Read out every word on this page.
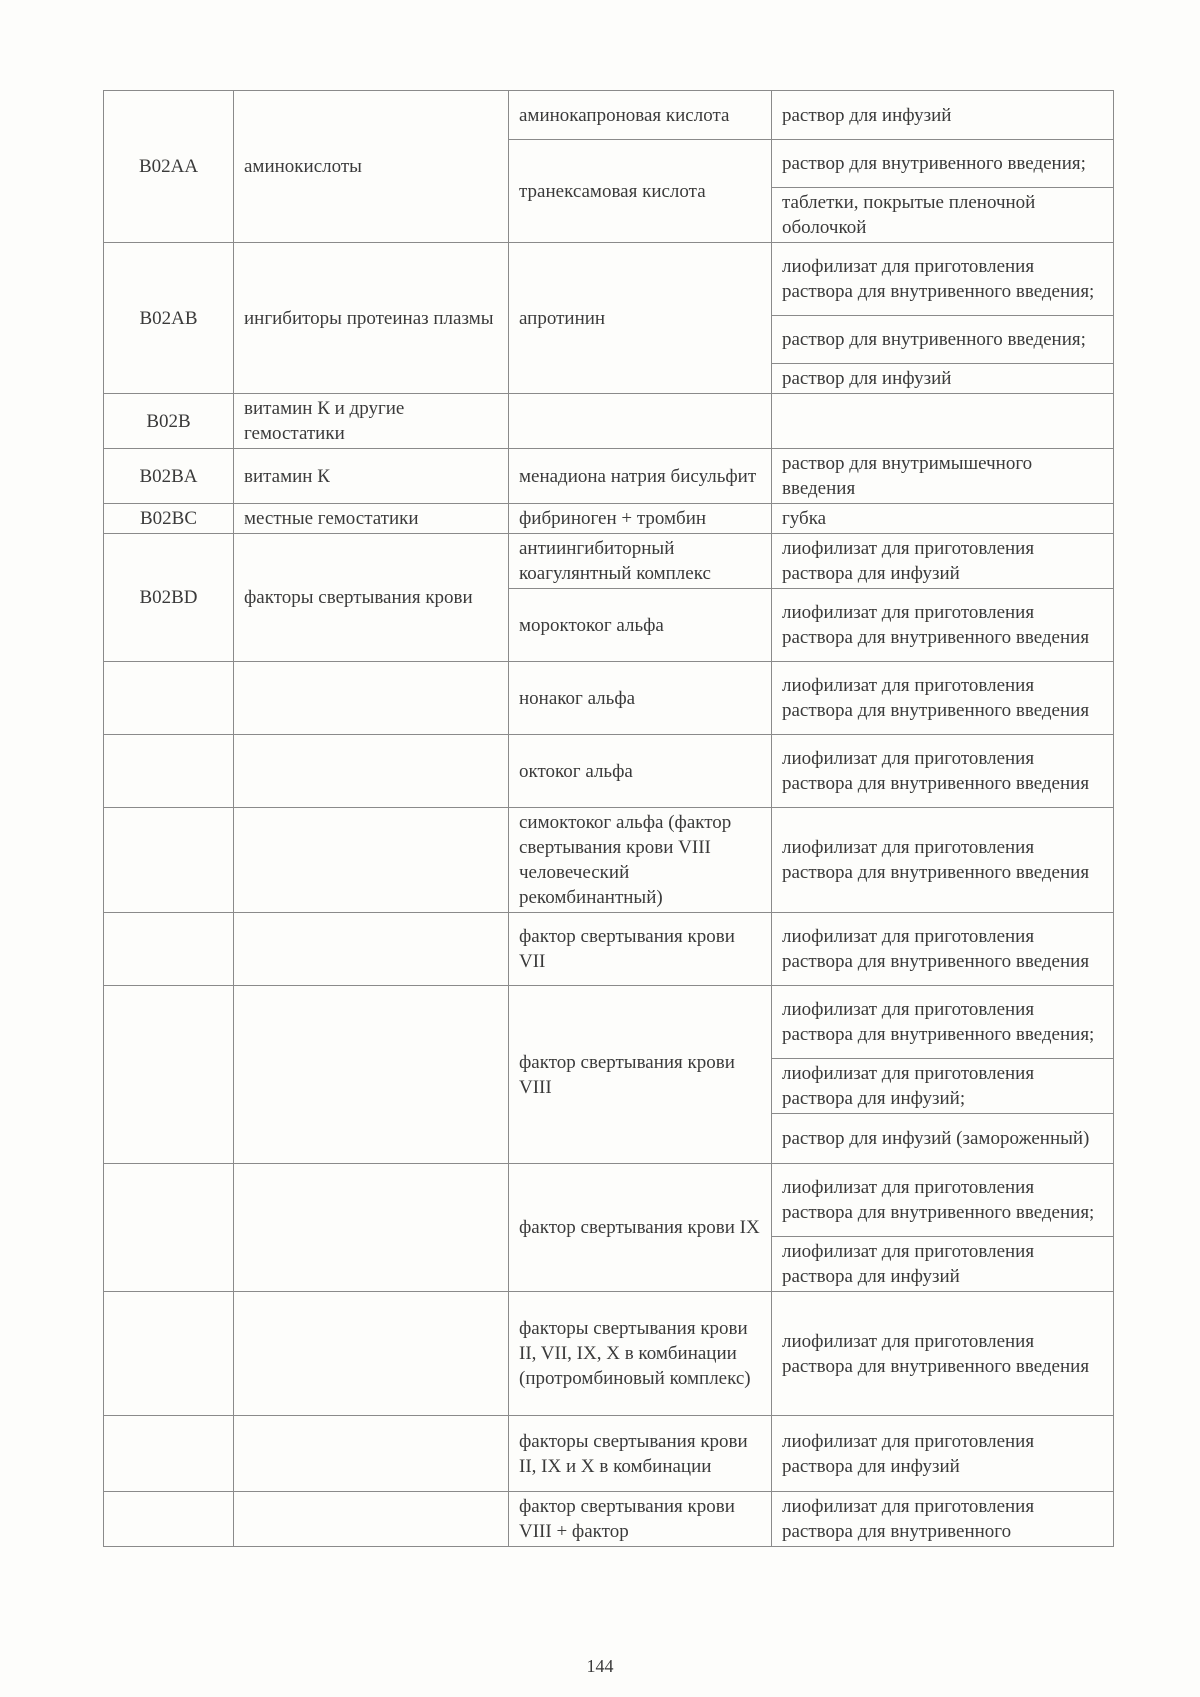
B02AA	аминокислоты	аминокапроновая кислота	раствор для инфузий
		транексамовая кислота	раствор для внутривенного введения;
			таблетки, покрытые пленочной оболочкой
B02AB	ингибиторы протеиназ плазмы	апротинин	лиофилизат для приготовления раствора для внутривенного введения;
			раствор для внутривенного введения;
			раствор для инфузий
B02B	витамин К и другие гемостатики		
B02BA	витамин К	менадиона натрия бисульфит	раствор для внутримышечного введения
B02BC	местные гемостатики	фибриноген + тромбин	губка
B02BD	факторы свертывания крови	антиингибиторный коагулянтный комплекс	лиофилизат для приготовления раствора для инфузий
		мороктоког альфа	лиофилизат для приготовления раствора для внутривенного введения
		нонаког альфа	лиофилизат для приготовления раствора для внутривенного введения
		октоког альфа	лиофилизат для приготовления раствора для внутривенного введения
		симоктоког альфа (фактор свертывания крови VIII человеческий рекомбинантный)	лиофилизат для приготовления раствора для внутривенного введения
		фактор свертывания крови VII	лиофилизат для приготовления раствора для внутривенного введения
		фактор свертывания крови VIII	лиофилизат для приготовления раствора для внутривенного введения;
			лиофилизат для приготовления раствора для инфузий;
			раствор для инфузий (замороженный)
		фактор свертывания крови IX	лиофилизат для приготовления раствора для внутривенного введения;
			лиофилизат для приготовления раствора для инфузий
		факторы свертывания крови II, VII, IX, X в комбинации (протромбиновый комплекс)	лиофилизат для приготовления раствора для внутривенного введения
		факторы свертывания крови II, IX и X в комбинации	лиофилизат для приготовления раствора для инфузий
		фактор свертывания крови VIII + фактор	лиофилизат для приготовления раствора для внутривенного
144
